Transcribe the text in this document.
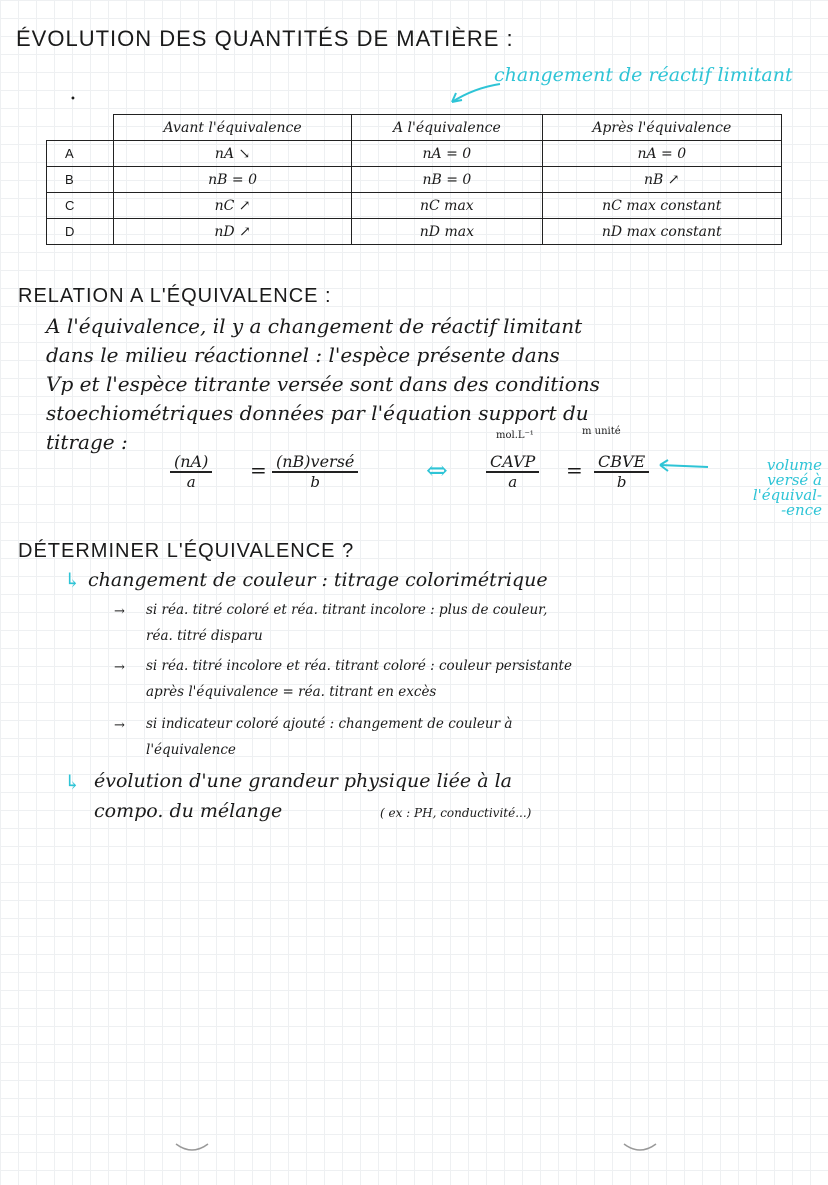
ÉVOLUTION DES QUANTITÉS DE MATIÈRE :
changement de réactif limitant
•
	Avant l'équivalence	A l'équivalence	Après l'équivalence
A	nA ↘	nA = 0	nA = 0
B	nB = 0	nB = 0	nB ↗
C	nC ↗	nC max	nC max constant
D	nD ↗	nD max	nD max constant
RELATION A L'ÉQUIVALENCE :
A l'équivalence, il y a changement de réactif limitant
dans le milieu réactionnel : l'espèce présente dans
Vp et l'espèce titrante versée sont dans des conditions
stoechiométriques données par l'équation support du
titrage :
$\frac{(nA)}{a}$ = (nB)versé
b	⇔
mol.L⁻¹	m unité
CAVP
a	= CBVE
b
volume
versé à
l'équival-
-ence
DÉTERMINER L'ÉQUIVALENCE ?
↳ changement de couleur : titrage colorimétrique
→ si réa. titré coloré et réa. titrant incolore : plus de couleur,
réa. titré disparu
→ si réa. titré incolore et réa. titrant coloré : couleur persistante
après l'équivalence = réa. titrant en excès
→ si indicateur coloré ajouté : changement de couleur à
l'équivalence
↳ évolution d'une grandeur physique liée à la
compo. du mélange	( ex : PH, conductivité...)
